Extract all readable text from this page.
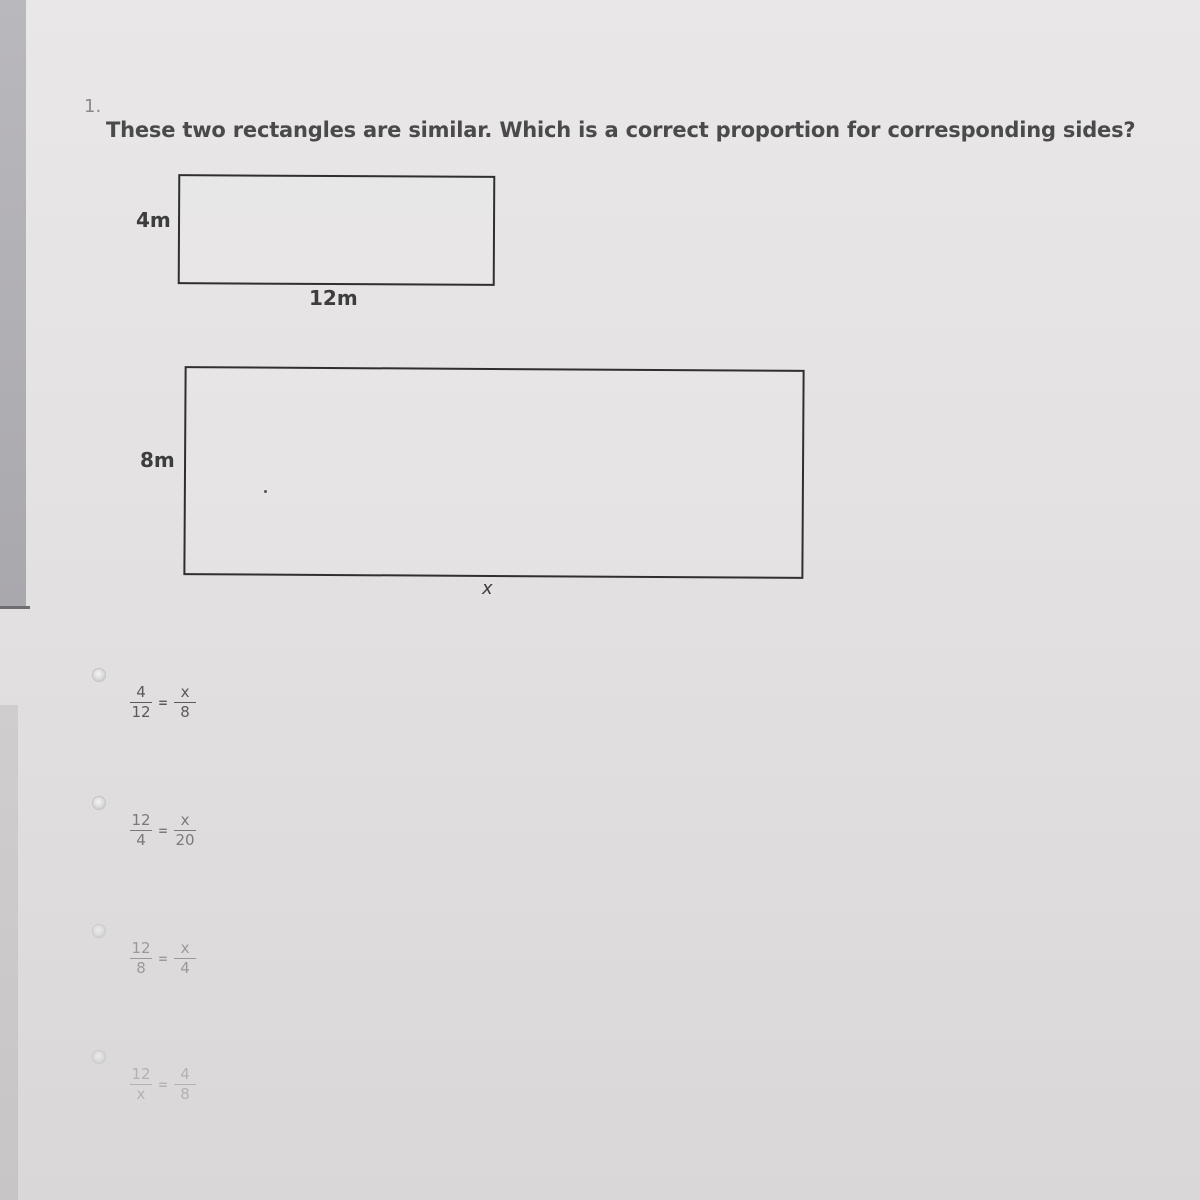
1.
These two rectangles are similar. Which is a correct proportion for corresponding sides?
4m
12m
8m
x
$\frac{4}{12} = \frac{x}{8}$
$\frac{12}{4} = \frac{x}{20}$
$\frac{12}{8} = \frac{x}{4}$
$\frac{12}{x} = \frac{4}{8}$
